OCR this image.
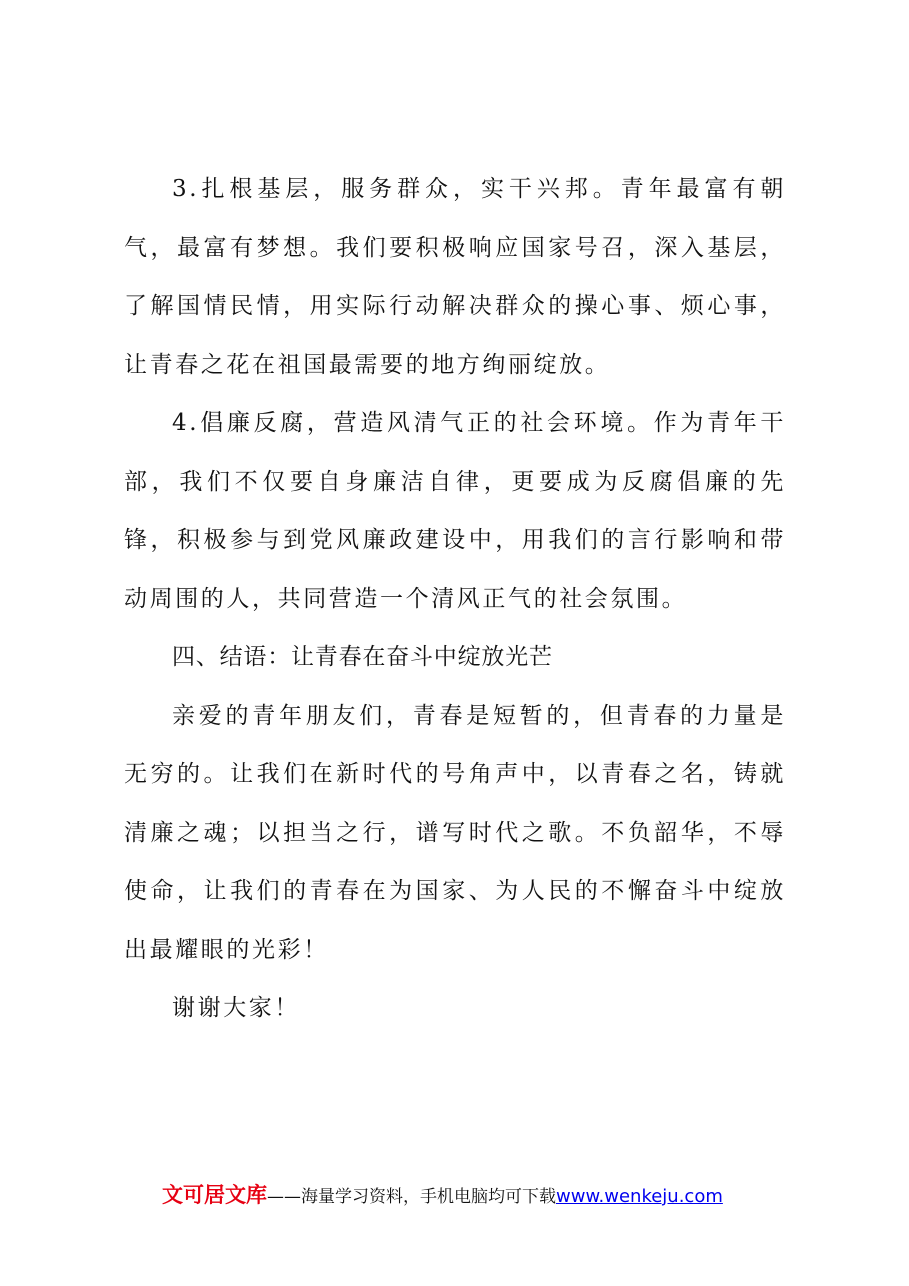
3.扎根基层，服务群众，实干兴邦。青年最富有朝气，最富有梦想。我们要积极响应国家号召，深入基层，了解国情民情，用实际行动解决群众的操心事、烦心事，让青春之花在祖国最需要的地方绚丽绽放。

4.倡廉反腐，营造风清气正的社会环境。作为青年干部，我们不仅要自身廉洁自律，更要成为反腐倡廉的先锋，积极参与到党风廉政建设中，用我们的言行影响和带动周围的人，共同营造一个清风正气的社会氛围。

四、结语：让青春在奋斗中绽放光芒

亲爱的青年朋友们，青春是短暂的，但青春的力量是无穷的。让我们在新时代的号角声中，以青春之名，铸就清廉之魂；以担当之行，谱写时代之歌。不负韶华，不辱使命，让我们的青春在为国家、为人民的不懈奋斗中绽放出最耀眼的光彩！

谢谢大家！

文可居文库——海量学习资料，手机电脑均可下载www.wenkeju.com
